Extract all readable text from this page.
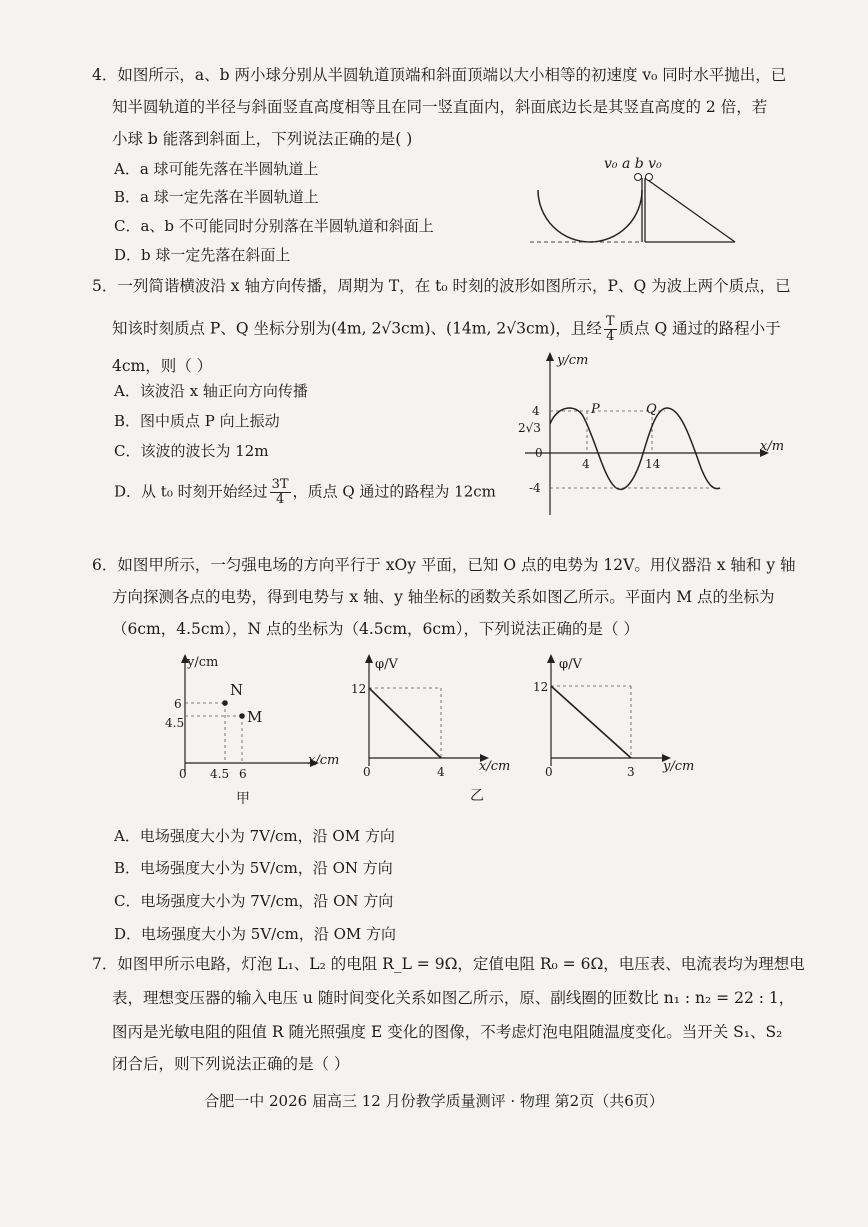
4．如图所示，a、b 两小球分别从半圆轨道顶端和斜面顶端以大小相等的初速度 v₀ 同时水平抛出，已
知半圆轨道的半径与斜面竖直高度相等且在同一竖直面内，斜面底边长是其竖直高度的 2 倍，若
小球 b 能落到斜面上，下列说法正确的是( )
A．a 球可能先落在半圆轨道上
B．a 球一定先落在半圆轨道上
C．a、b 不可能同时分别落在半圆轨道和斜面上
D．b 球一定先落在斜面上
v₀ a b v₀
5．一列简谐横波沿 x 轴方向传播，周期为 T，在 t₀ 时刻的波形如图所示，P、Q 为波上两个质点，已
知该时刻质点 P、Q 坐标分别为(4m, 2√3cm)、(14m, 2√3cm)，且经 $\frac{T}{4}$ 质点 Q 通过的路程小于
4cm，则（ ）
A．该波沿 x 轴正向方向传播
B．图中质点 P 向上振动
C．该波的波长为 12m
D．从 t₀ 时刻开始经过 $\frac{3T}{4}$ ，质点 Q 通过的路程为 12cm
y/cm
x/m
4
2√3
0
-4
4	14
P	Q
6．如图甲所示，一匀强电场的方向平行于 xOy 平面，已知 O 点的电势为 12V。用仪器沿 x 轴和 y 轴
方向探测各点的电势，得到电势与 x 轴、y 轴坐标的函数关系如图乙所示。平面内 M 点的坐标为
（6cm，4.5cm），N 点的坐标为（4.5cm，6cm），下列说法正确的是（ ）
y/cm
x/cm
N
M
6
4.5
0 4.5 6
甲
φ/V
x/cm
12
0	4
乙
φ/V
y/cm
12
0	3
A．电场强度大小为 7V/cm，沿 OM 方向
B．电场强度大小为 5V/cm，沿 ON 方向
C．电场强度大小为 7V/cm，沿 ON 方向
D．电场强度大小为 5V/cm，沿 OM 方向
7．如图甲所示电路，灯泡 L₁、L₂ 的电阻 R_L = 9Ω，定值电阻 R₀ = 6Ω，电压表、电流表均为理想电
表，理想变压器的输入电压 u 随时间变化关系如图乙所示，原、副线圈的匝数比 n₁ : n₂ = 22 : 1，
图丙是光敏电阻的阻值 R 随光照强度 E 变化的图像，不考虑灯泡电阻随温度变化。当开关 S₁、S₂
闭合后，则下列说法正确的是（ ）
合肥一中 2026 届高三 12 月份教学质量测评 · 物理 第2页（共6页）
